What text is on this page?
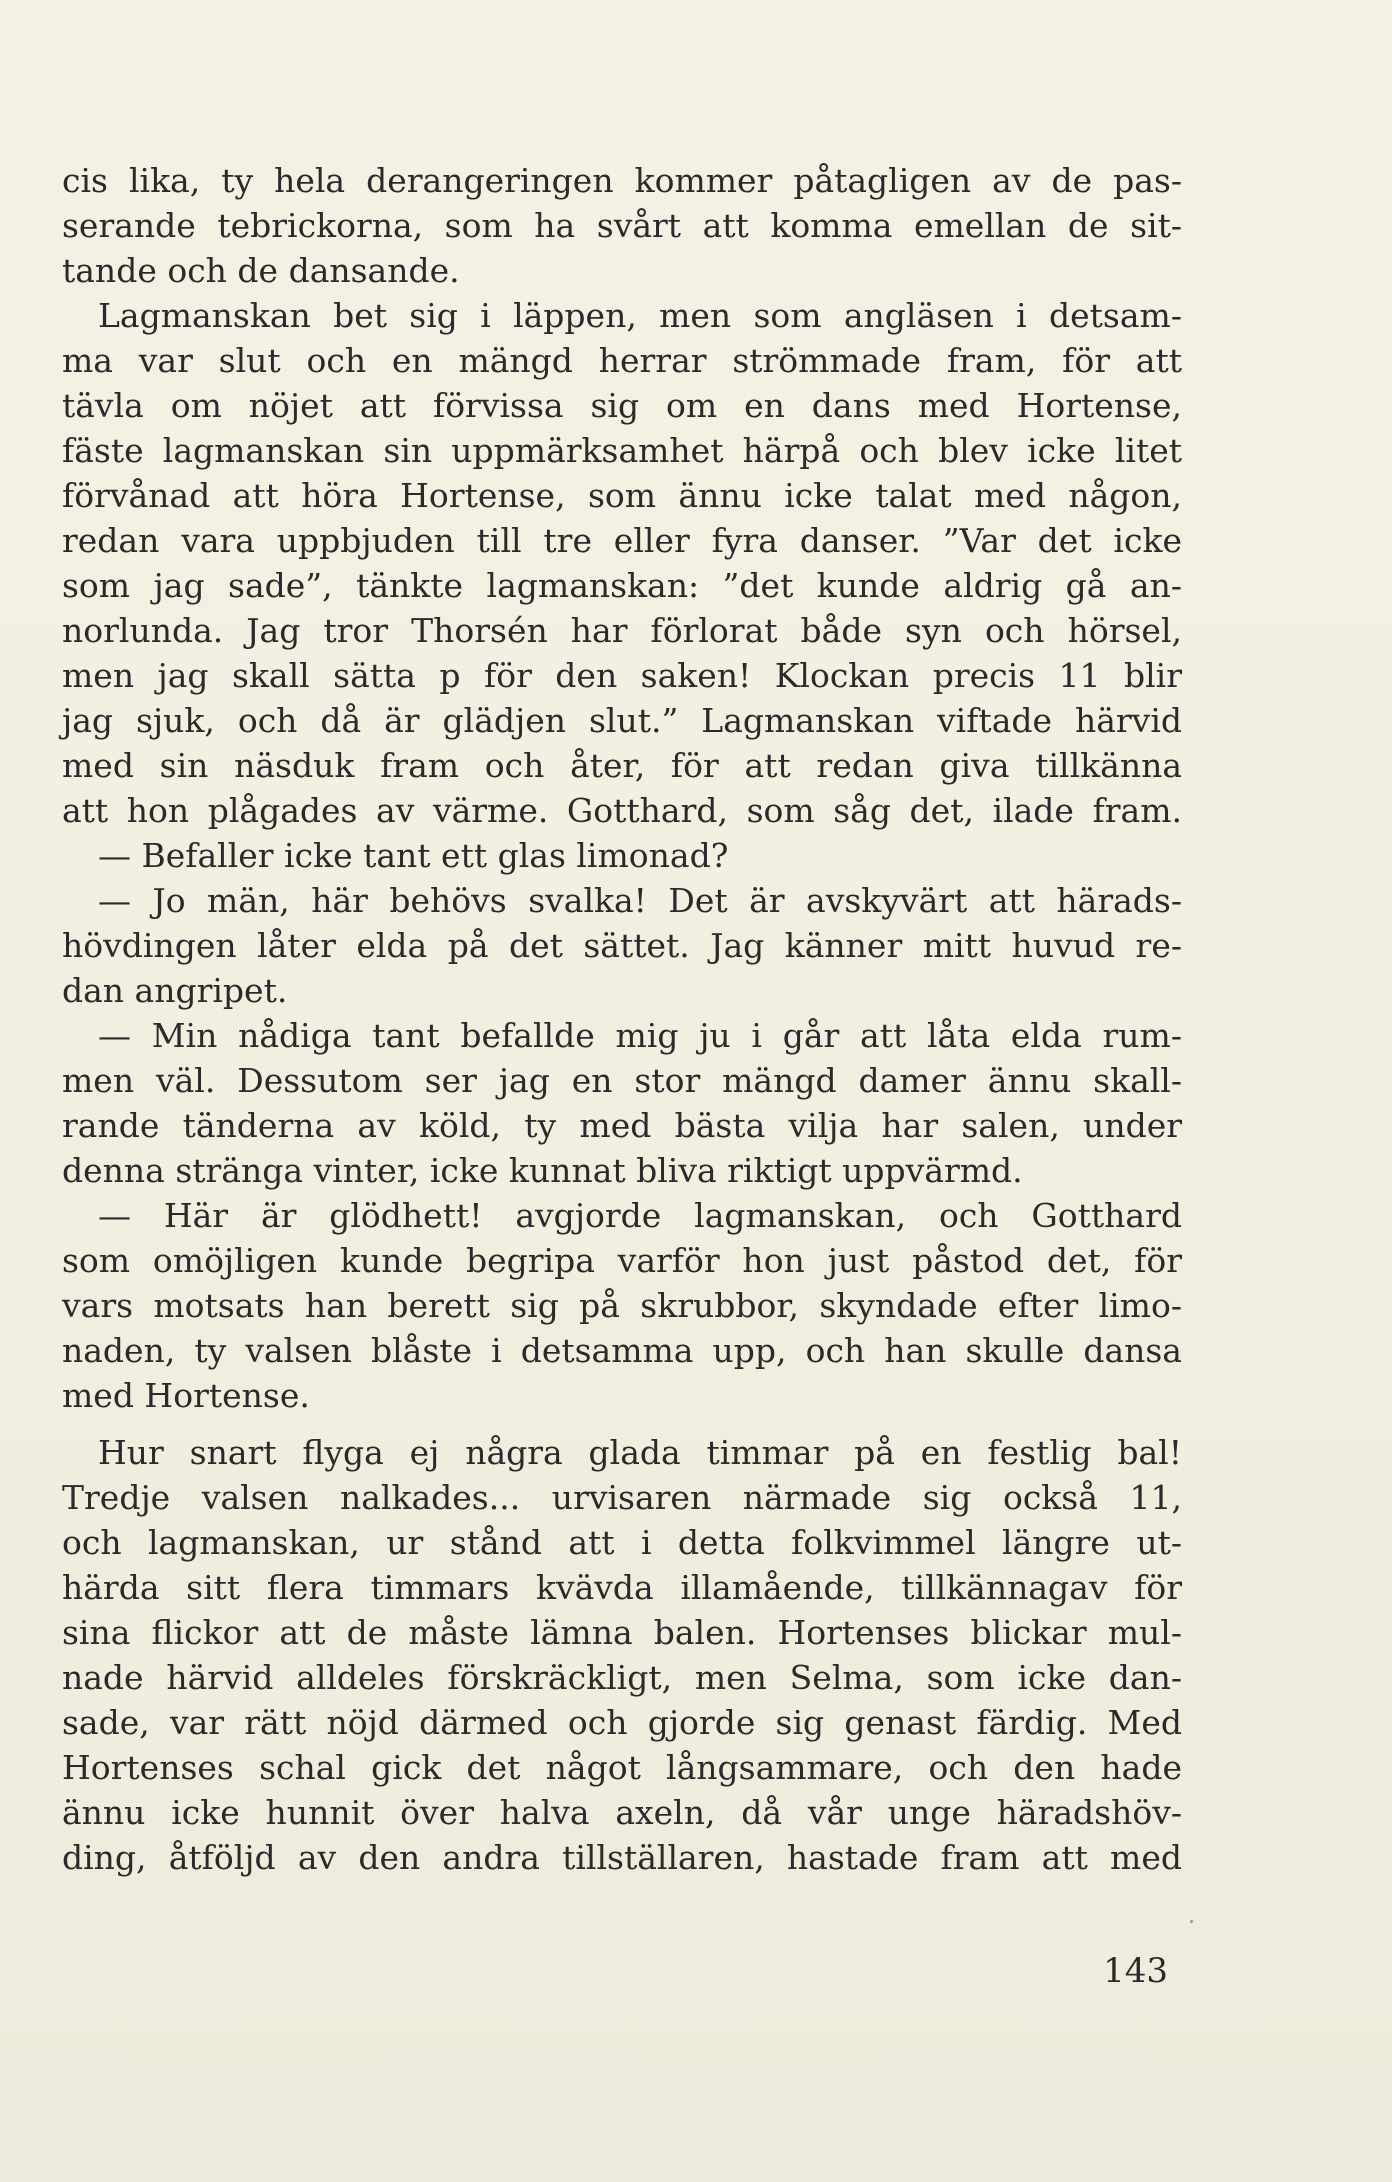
cis lika, ty hela derangeringen kommer påtagligen av de pas-
serande tebrickorna, som ha svårt att komma emellan de sit-
tande och de dansande.
Lagmanskan bet sig i läppen, men som angläsen i detsam-
ma var slut och en mängd herrar strömmade fram, för att
tävla om nöjet att förvissa sig om en dans med Hortense,
fäste lagmanskan sin uppmärksamhet härpå och blev icke litet
förvånad att höra Hortense, som ännu icke talat med någon,
redan vara uppbjuden till tre eller fyra danser. ”Var det icke
som jag sade”, tänkte lagmanskan: ”det kunde aldrig gå an-
norlunda. Jag tror Thorsén har förlorat både syn och hörsel,
men jag skall sätta p för den saken! Klockan precis 11 blir
jag sjuk, och då är glädjen slut.” Lagmanskan viftade härvid
med sin näsduk fram och åter, för att redan giva tillkänna
att hon plågades av värme. Gotthard, som såg det, ilade fram.
— Befaller icke tant ett glas limonad?
— Jo män, här behövs svalka! Det är avskyvärt att härads-
hövdingen låter elda på det sättet. Jag känner mitt huvud re-
dan angripet.
— Min nådiga tant befallde mig ju i går att låta elda rum-
men väl. Dessutom ser jag en stor mängd damer ännu skall-
rande tänderna av köld, ty med bästa vilja har salen, under
denna stränga vinter, icke kunnat bliva riktigt uppvärmd.
— Här är glödhett! avgjorde lagmanskan, och Gotthard
som omöjligen kunde begripa varför hon just påstod det, för
vars motsats han berett sig på skrubbor, skyndade efter limo-
naden, ty valsen blåste i detsamma upp, och han skulle dansa
med Hortense.
Hur snart flyga ej några glada timmar på en festlig bal!
Tredje valsen nalkades... urvisaren närmade sig också 11,
och lagmanskan, ur stånd att i detta folkvimmel längre ut-
härda sitt flera timmars kvävda illamående, tillkännagav för
sina flickor att de måste lämna balen. Hortenses blickar mul-
nade härvid alldeles förskräckligt, men Selma, som icke dan-
sade, var rätt nöjd därmed och gjorde sig genast färdig. Med
Hortenses schal gick det något långsammare, och den hade
ännu icke hunnit över halva axeln, då vår unge häradshöv-
ding, åtföljd av den andra tillställaren, hastade fram att med
143
